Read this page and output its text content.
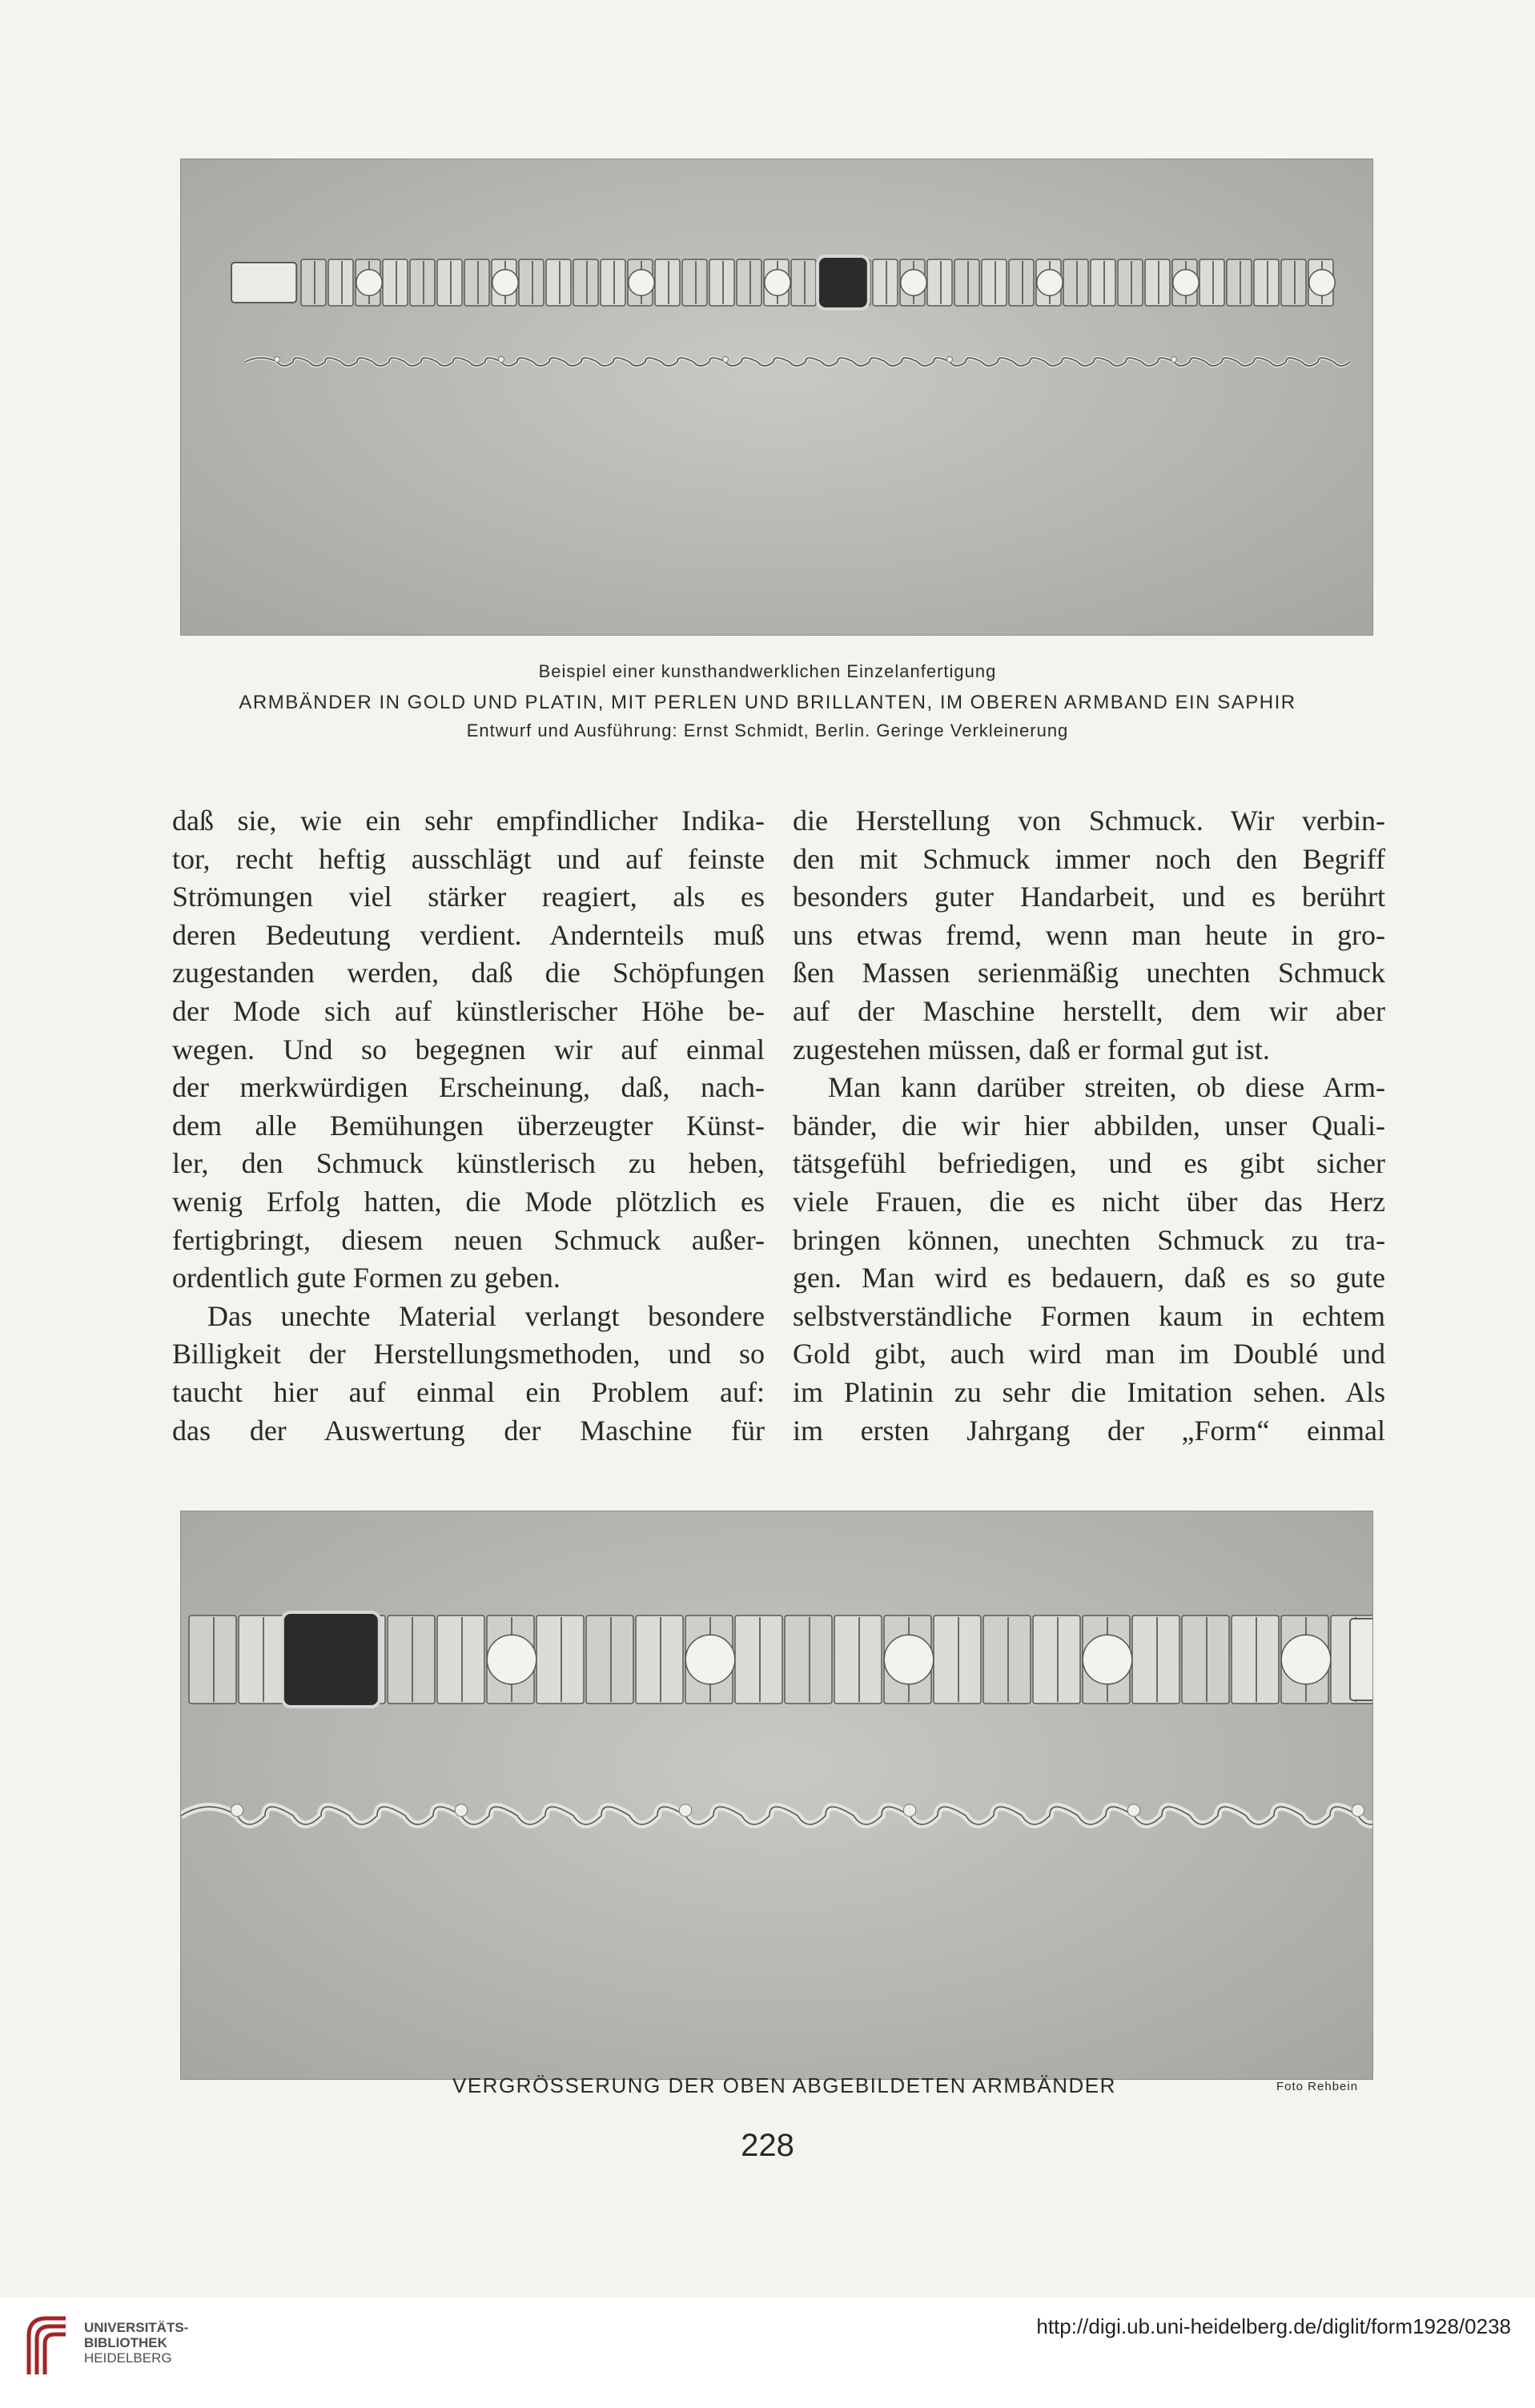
Beispiel einer kunsthandwerklichen Einzelanfertigung
ARMBÄNDER IN GOLD UND PLATIN, MIT PERLEN UND BRILLANTEN, IM OBEREN ARMBAND EIN SAPHIR
Entwurf und Ausführung: Ernst Schmidt, Berlin. Geringe Verkleinerung

daß sie, wie ein sehr empfindlicher Indika-

tor, recht heftig ausschlägt und auf feinste

Strömungen viel stärker reagiert, als es

deren Bedeutung verdient. Andernteils muß

zugestanden werden, daß die Schöpfungen

der Mode sich auf künstlerischer Höhe be-

wegen. Und so begegnen wir auf einmal

der merkwürdigen Erscheinung, daß, nach-

dem alle Bemühungen überzeugter Künst-

ler, den Schmuck künstlerisch zu heben,

wenig Erfolg hatten, die Mode plötzlich es

fertigbringt, diesem neuen Schmuck außer-

ordentlich gute Formen zu geben.

Das unechte Material verlangt besondere

Billigkeit der Herstellungsmethoden, und so

taucht hier auf einmal ein Problem auf:

das der Auswertung der Maschine für

die Herstellung von Schmuck. Wir verbin-

den mit Schmuck immer noch den Begriff

besonders guter Handarbeit, und es berührt

uns etwas fremd, wenn man heute in gro-

ßen Massen serienmäßig unechten Schmuck

auf der Maschine herstellt, dem wir aber

zugestehen müssen, daß er formal gut ist.

Man kann darüber streiten, ob diese Arm-

bänder, die wir hier abbilden, unser Quali-

tätsgefühl befriedigen, und es gibt sicher

viele Frauen, die es nicht über das Herz

bringen können, unechten Schmuck zu tra-

gen. Man wird es bedauern, daß es so gute

selbstverständliche Formen kaum in echtem

Gold gibt, auch wird man im Doublé und

im Platinin zu sehr die Imitation sehen. Als

im ersten Jahrgang der „Form“ einmal

VERGRÖSSERUNG DER OBEN ABGEBILDETEN ARMBÄNDER	Foto Rehbein
228
UNIVERSITÄTS-
BIBLIOTHEK
HEIDELBERG
http://digi.ub.uni-heidelberg.de/diglit/form1928/0238
